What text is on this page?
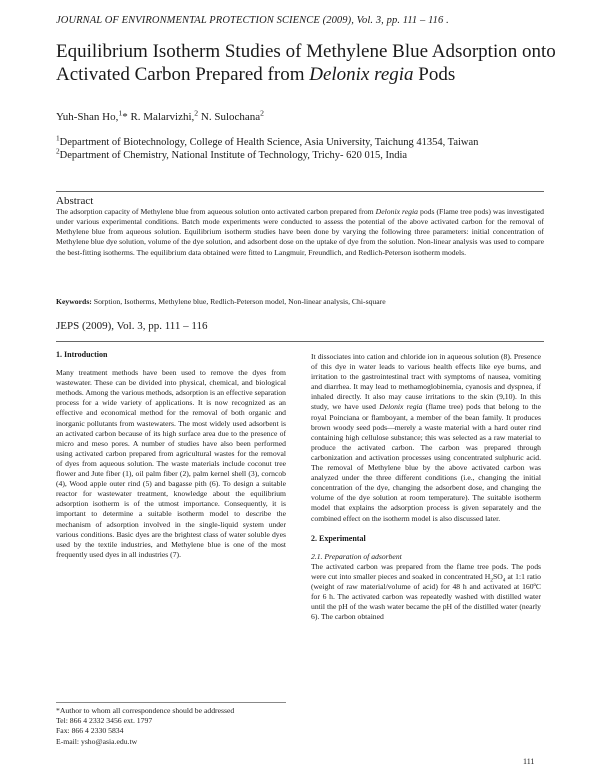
JOURNAL OF ENVIRONMENTAL PROTECTION SCIENCE (2009), Vol. 3, pp. 111 – 116 .
Equilibrium Isotherm Studies of Methylene Blue Adsorption onto
Activated Carbon Prepared from Delonix regia Pods
Yuh-Shan Ho,$^1$* R. Malarvizhi,$^2$ N. Sulochana$^2$
$^1$Department of Biotechnology, College of Health Science, Asia University, Taichung 41354, Taiwan
$^2$Department of Chemistry, National Institute of Technology, Trichy- 620 015, India
Abstract
The adsorption capacity of Methylene blue from aqueous solution onto activated carbon prepared from Delonix regia pods (Flame tree pods) was investigated under various experimental conditions. Batch mode experiments were conducted to assess the potential of the above activated carbon for the removal of Methylene blue from aqueous solution. Equilibrium isotherm studies have been done by varying the following three parameters: initial concentration of Methylene blue dye solution, volume of the dye solution, and adsorbent dose on the uptake of dye from the solution. Non-linear analysis was used to compare the best-fitting isotherms. The equilibrium data obtained were fitted to Langmuir, Freundlich, and Redlich-Peterson isotherm models.
Keywords: Sorption, Isotherms, Methylene blue, Redlich-Peterson model, Non-linear analysis, Chi-square
JEPS (2009), Vol. 3, pp. 111 – 116

1. Introduction

Many treatment methods have been used to remove the dyes from wastewater. These can be divided into physical, chemical, and biological methods. Among the various methods, adsorption is an effective separation process for a wide variety of applications. It is now recognized as an effective and economical method for the removal of both organic and inorganic pollutants from wastewaters. The most widely used adsorbent is an activated carbon because of its high surface area due to the presence of micro and meso pores. A number of studies have also been performed using activated carbon prepared from agricultural wastes for the removal of dyes from aqueous solution. The waste materials include coconut tree flower and Jute fiber (1), oil palm fiber (2), palm kernel shell (3), corncob (4), Wood apple outer rind (5) and bagasse pith (6). To design a suitable reactor for wastewater treatment, knowledge about the equilibrium adsorption isotherm is of the utmost importance. Consequently, it is important to determine a suitable isotherm model to describe the mechanism of adsorption involved in the single-liquid system under various conditions. Basic dyes are the brightest class of water soluble dyes used by the textile industries, and Methylene blue is one of the most frequently used dyes in all industries (7).

It dissociates into cation and chloride ion in aqueous solution (8). Presence of this dye in water leads to various health effects like eye burns, and irritation to the gastrointestinal tract with symptoms of nausea, vomiting and diarrhea. It may lead to methamoglobinemia, cyanosis and dyspnea, if inhaled directly. It also may cause irritations to the skin (9,10). In this study, we have used Delonix regia (flame tree) pods that belong to the royal Poinciana or flamboyant, a member of the bean family. It produces brown woody seed pods—merely a waste material with a hard outer rind containing high cellulose substance; this was selected as a raw material to produce the activated carbon. The carbon was prepared through carbonization and activation processes using concentrated sulphuric acid. The removal of Methylene blue by the above activated carbon was analyzed under the three different conditions (i.e., changing the initial concentration of the dye, changing the adsorbent dose, and changing the volume of the dye solution at room temperature). The suitable isotherm model that explains the adsorption process is given separately and the combined effect on the isotherm model is also discussed later.

2. Experimental

2.1. Preparation of adsorbent

The activated carbon was prepared from the flame tree pods. The pods were cut into smaller pieces and soaked in concentrated $H_2SO_4$ at 1:1 ratio (weight of raw material/volume of acid) for 48 h and activated at 160ºC for 6 h. The activated carbon was repeatedly washed with distilled water until the pH of the wash water became the pH of the distilled water (nearly 6). The carbon obtained

*Author to whom all correspondence should be addressed
Tel: 866 4 2332 3456 ext. 1797
Fax: 866 4 2330 5834
E-mail: ysho@asia.edu.tw
111
